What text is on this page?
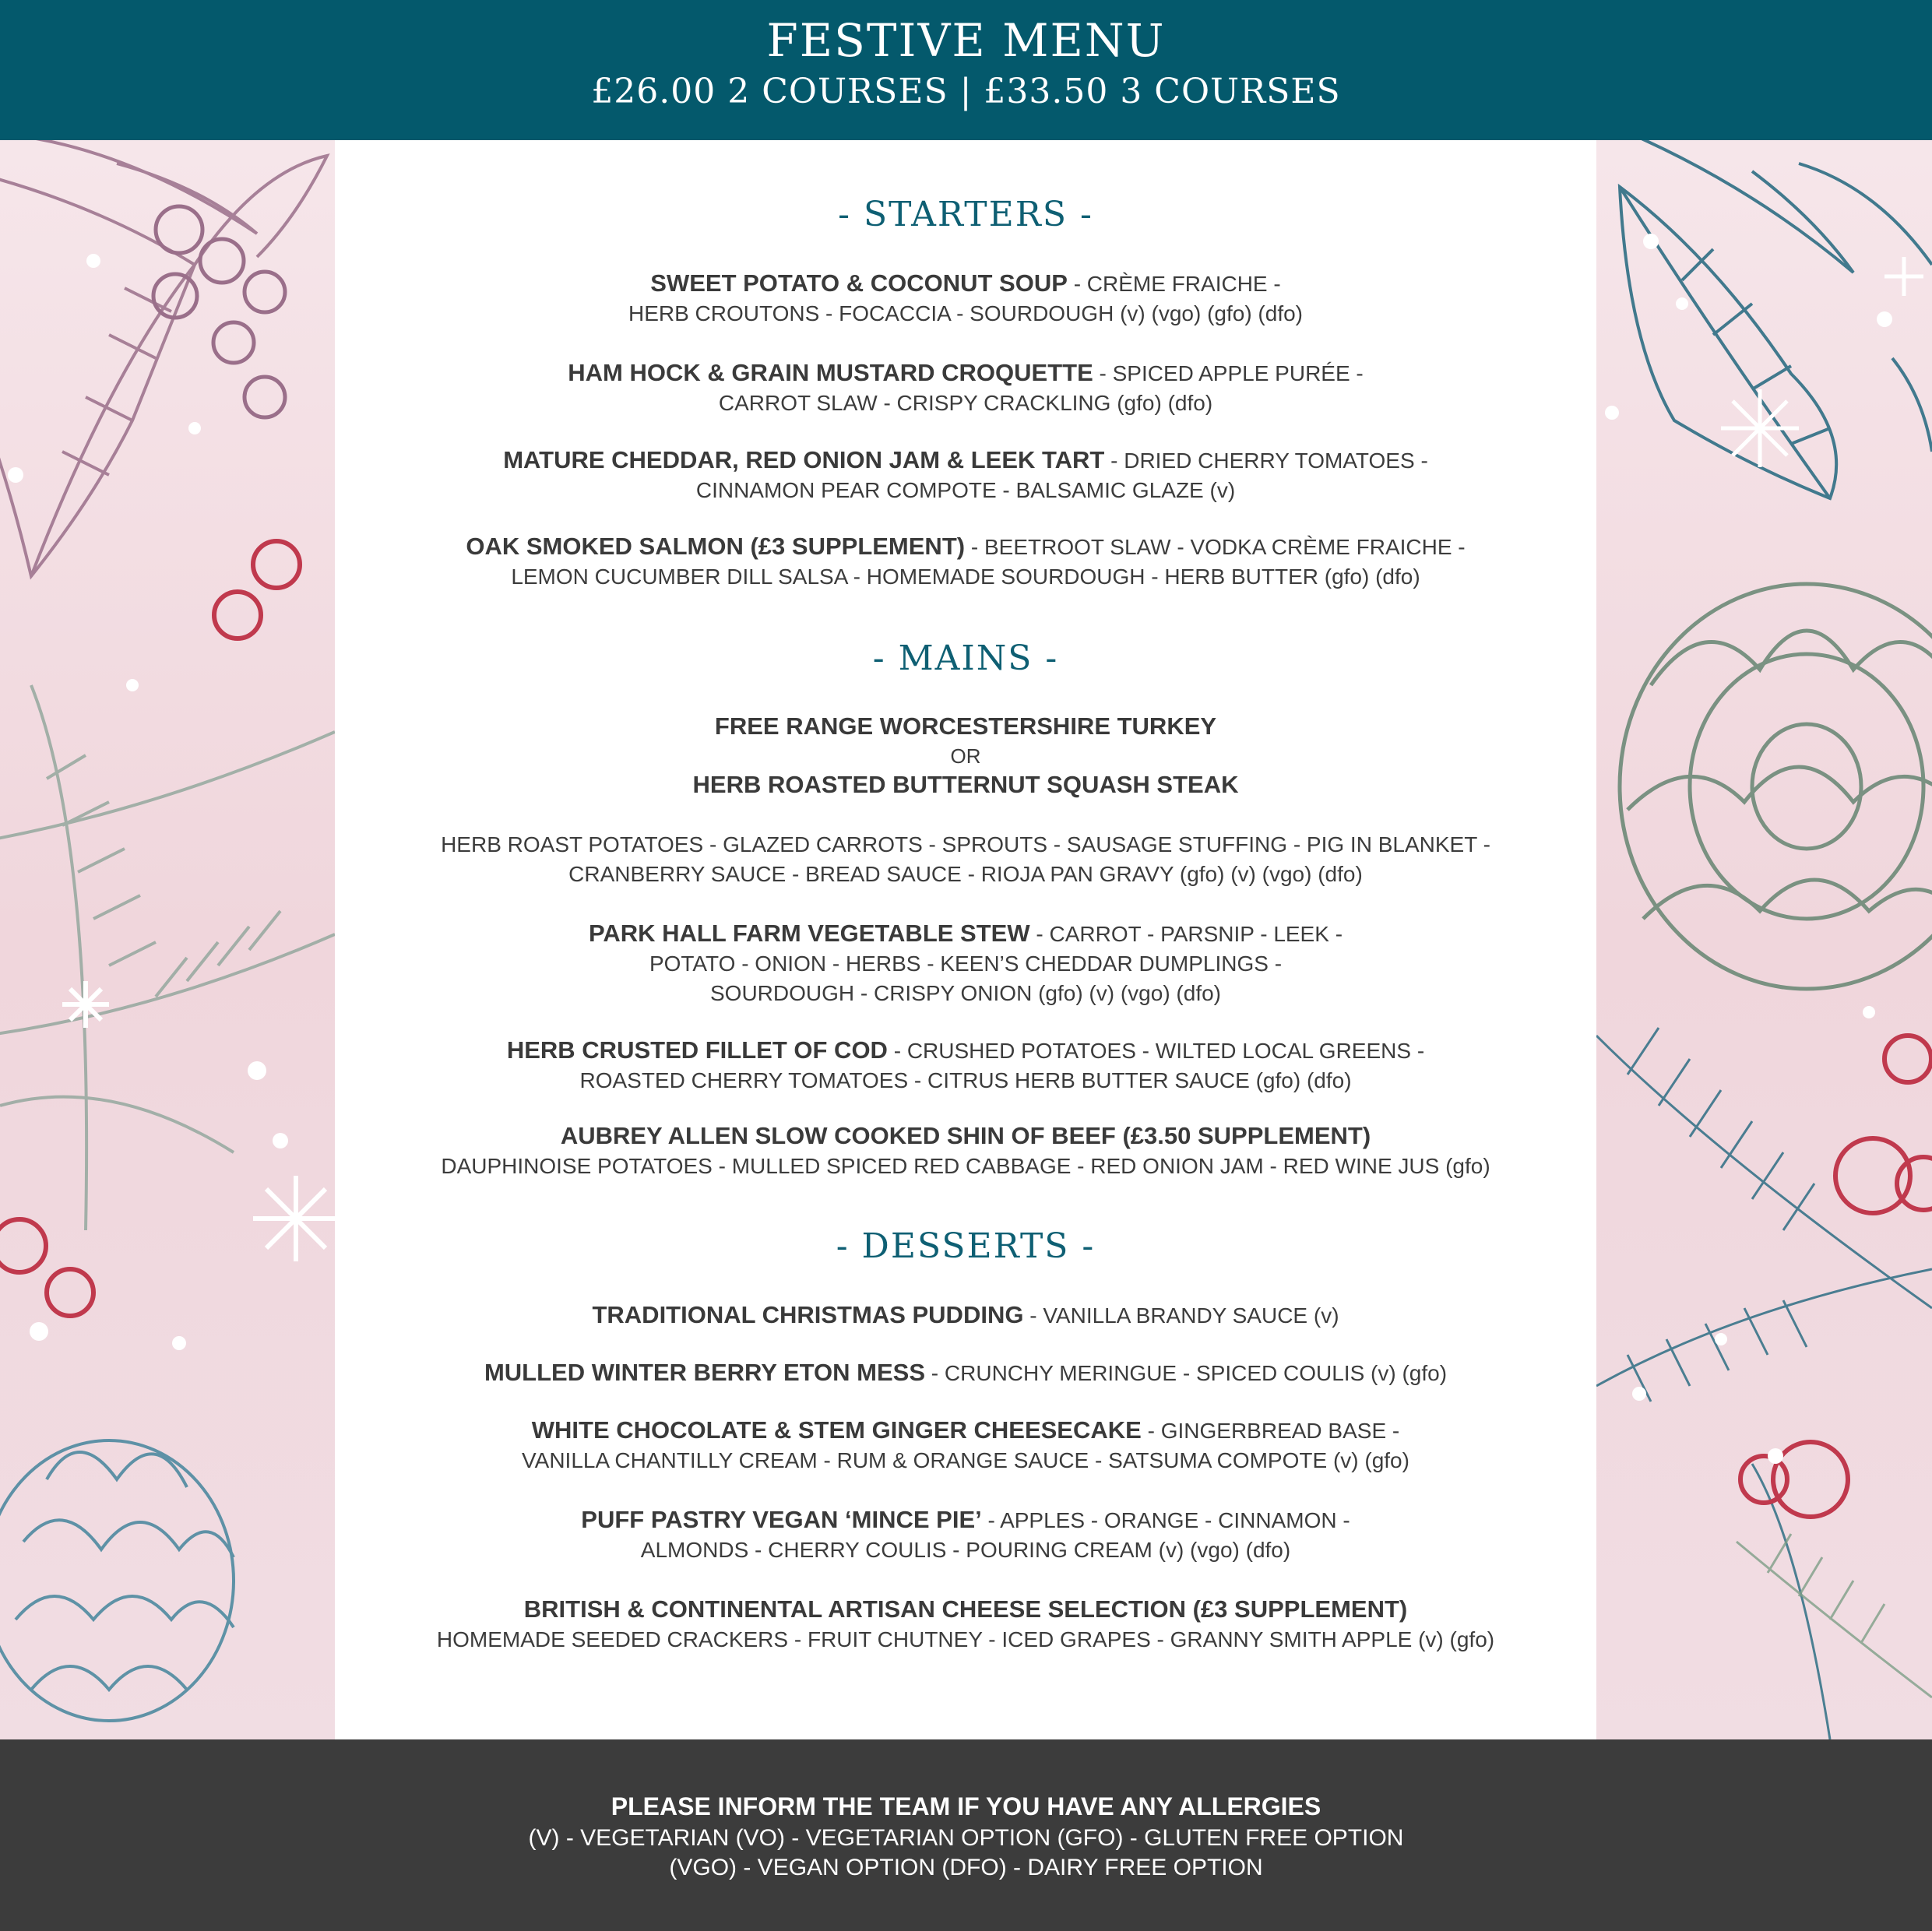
FESTIVE MENU
£26.00 2 COURSES | £33.50 3 COURSES
- STARTERS -
SWEET POTATO & COCONUT SOUP - CRÈME FRAICHE -
HERB CROUTONS - FOCACCIA - SOURDOUGH (v) (vgo) (gfo) (dfo)
HAM HOCK & GRAIN MUSTARD CROQUETTE - SPICED APPLE PURÉE -
CARROT SLAW - CRISPY CRACKLING (gfo) (dfo)
MATURE CHEDDAR, RED ONION JAM & LEEK TART - DRIED CHERRY TOMATOES -
CINNAMON PEAR COMPOTE - BALSAMIC GLAZE (v)
OAK SMOKED SALMON (£3 SUPPLEMENT) - BEETROOT SLAW - VODKA CRÈME FRAICHE -
LEMON CUCUMBER DILL SALSA - HOMEMADE SOURDOUGH - HERB BUTTER (gfo) (dfo)
- MAINS -
FREE RANGE WORCESTERSHIRE TURKEY
OR
HERB ROASTED BUTTERNUT SQUASH STEAK
HERB ROAST POTATOES - GLAZED CARROTS - SPROUTS - SAUSAGE STUFFING - PIG IN BLANKET -
CRANBERRY SAUCE - BREAD SAUCE - RIOJA PAN GRAVY (gfo) (v) (vgo) (dfo)
PARK HALL FARM VEGETABLE STEW - CARROT - PARSNIP - LEEK -
POTATO - ONION - HERBS - KEEN’S CHEDDAR DUMPLINGS -
SOURDOUGH - CRISPY ONION (gfo) (v) (vgo) (dfo)
HERB CRUSTED FILLET OF COD - CRUSHED POTATOES - WILTED LOCAL GREENS -
ROASTED CHERRY TOMATOES - CITRUS HERB BUTTER SAUCE (gfo) (dfo)
AUBREY ALLEN SLOW COOKED SHIN OF BEEF (£3.50 SUPPLEMENT)
DAUPHINOISE POTATOES - MULLED SPICED RED CABBAGE - RED ONION JAM - RED WINE JUS (gfo)
- DESSERTS -
TRADITIONAL CHRISTMAS PUDDING - VANILLA BRANDY SAUCE (v)
MULLED WINTER BERRY ETON MESS - CRUNCHY MERINGUE - SPICED COULIS (v) (gfo)
WHITE CHOCOLATE & STEM GINGER CHEESECAKE - GINGERBREAD BASE -
VANILLA CHANTILLY CREAM - RUM & ORANGE SAUCE - SATSUMA COMPOTE (v) (gfo)
PUFF PASTRY VEGAN ‘MINCE PIE’ - APPLES - ORANGE - CINNAMON -
ALMONDS - CHERRY COULIS - POURING CREAM (v) (vgo) (dfo)
BRITISH & CONTINENTAL ARTISAN CHEESE SELECTION (£3 SUPPLEMENT)
HOMEMADE SEEDED CRACKERS - FRUIT CHUTNEY - ICED GRAPES - GRANNY SMITH APPLE (v) (gfo)
PLEASE INFORM THE TEAM IF YOU HAVE ANY ALLERGIES
(V) - VEGETARIAN (VO) - VEGETARIAN OPTION (GFO) - GLUTEN FREE OPTION
(VGO) - VEGAN OPTION (DFO) - DAIRY FREE OPTION
